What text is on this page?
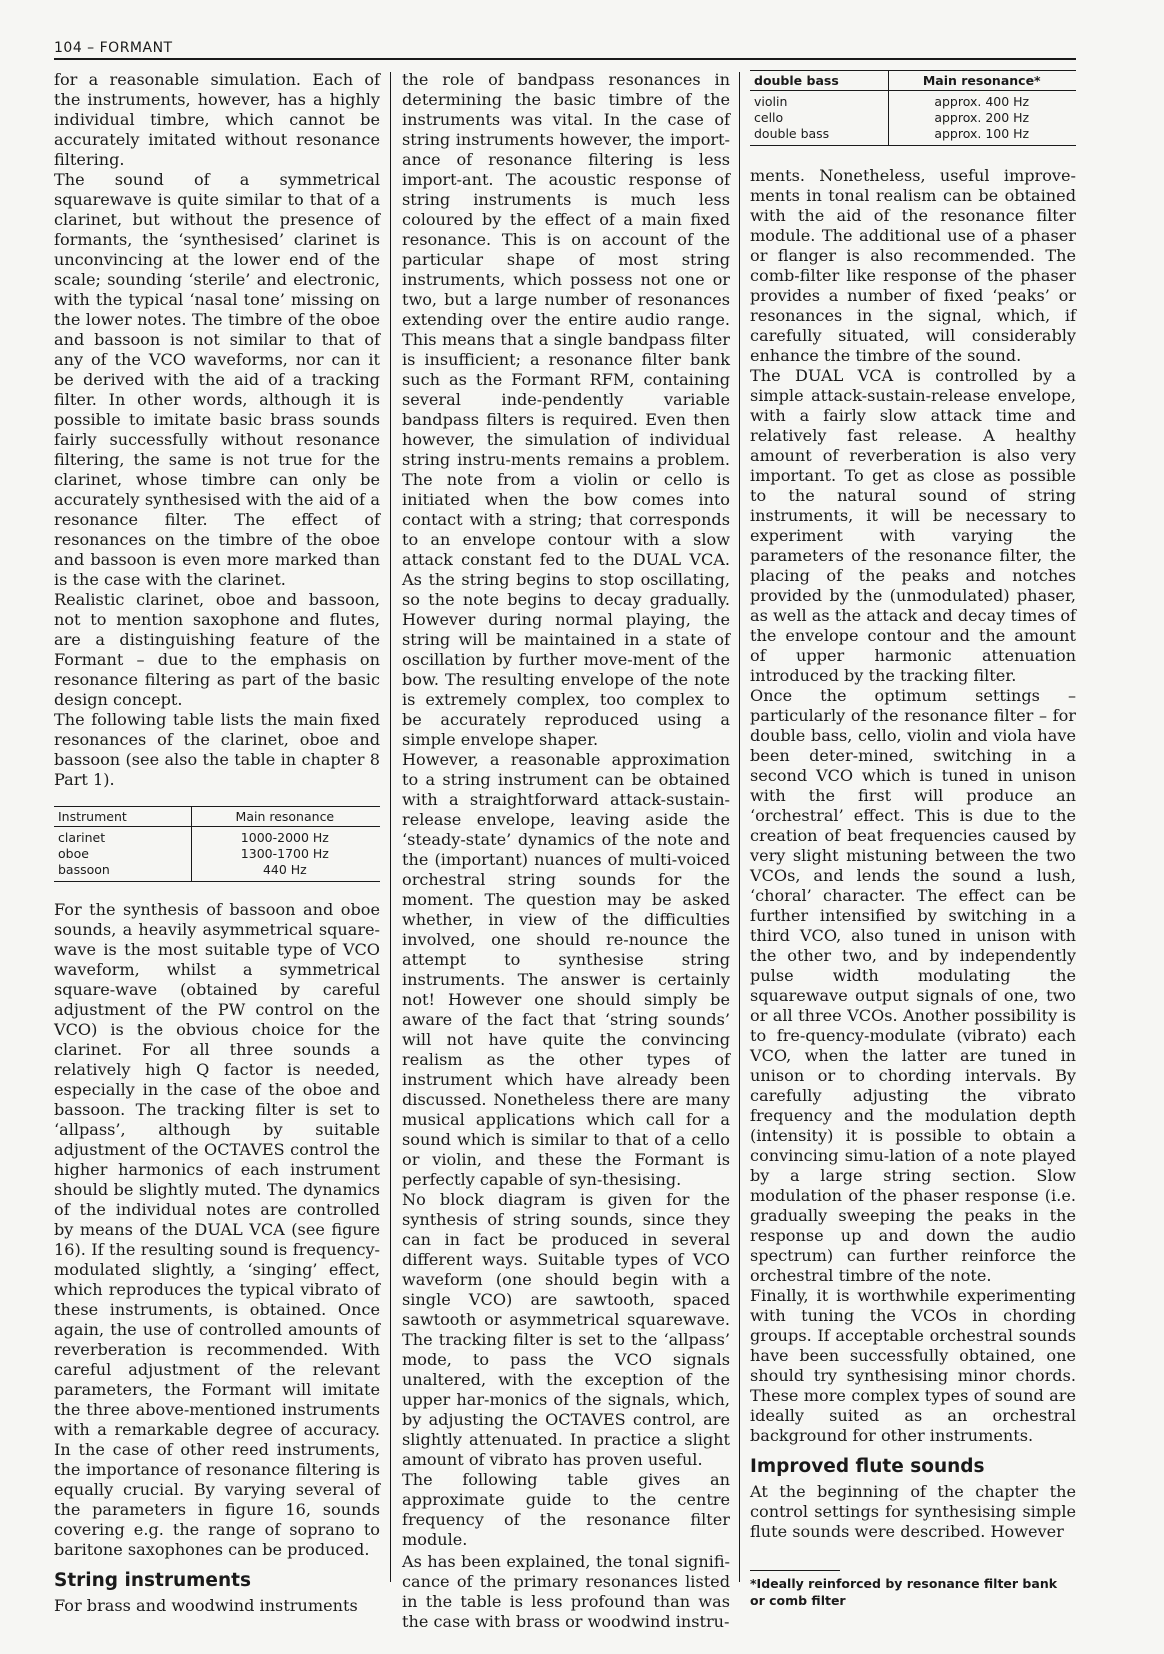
104 – FORMANT

for a reasonable simulation. Each of the instruments, however, has a highly individual timbre, which cannot be accurately imitated without resonance filtering.

The sound of a symmetrical squarewave is quite similar to that of a clarinet, but without the presence of formants, the ‘synthesised’ clarinet is unconvincing at the lower end of the scale; sounding ‘sterile’ and electronic, with the typical ‘nasal tone’ missing on the lower notes. The timbre of the oboe and bassoon is not similar to that of any of the VCO waveforms, nor can it be derived with the aid of a tracking filter. In other words, although it is possible to imitate basic brass sounds fairly successfully without resonance filtering, the same is not true for the clarinet, whose timbre can only be accurately synthesised with the aid of a resonance filter. The effect of resonances on the timbre of the oboe and bassoon is even more marked than is the case with the clarinet.

Realistic clarinet, oboe and bassoon, not to mention saxophone and flutes, are a distinguishing feature of the Formant – due to the emphasis on resonance filtering as part of the basic design concept.

The following table lists the main fixed resonances of the clarinet, oboe and bassoon (see also the table in chapter 8 Part 1).

Instrument	Main resonance
clarinet	1000-2000 Hz
oboe	1300-1700 Hz
bassoon	440 Hz

For the synthesis of bassoon and oboe sounds, a heavily asymmetrical square-wave is the most suitable type of VCO waveform, whilst a symmetrical square-wave (obtained by careful adjustment of the PW control on the VCO) is the obvious choice for the clarinet. For all three sounds a relatively high Q factor is needed, especially in the case of the oboe and bassoon. The tracking filter is set to ‘allpass’, although by suitable adjustment of the OCTAVES control the higher harmonics of each instrument should be slightly muted. The dynamics of the individual notes are controlled by means of the DUAL VCA (see figure 16). If the resulting sound is frequency-modulated slightly, a ‘singing’ effect, which reproduces the typical vibrato of these instruments, is obtained. Once again, the use of controlled amounts of reverberation is recommended. With careful adjustment of the relevant parameters, the Formant will imitate the three above-mentioned instruments with a remarkable degree of accuracy. In the case of other reed instruments, the importance of resonance filtering is equally crucial. By varying several of the parameters in figure 16, sounds covering e.g. the range of soprano to baritone saxophones can be produced.

String instruments

For brass and woodwind instruments

the role of bandpass resonances in determining the basic timbre of the instruments was vital. In the case of string instruments however, the import-ance of resonance filtering is less import-ant. The acoustic response of string instruments is much less coloured by the effect of a main fixed resonance. This is on account of the particular shape of most string instruments, which possess not one or two, but a large number of resonances extending over the entire audio range. This means that a single bandpass filter is insufficient; a resonance filter bank such as the Formant RFM, containing several inde-pendently variable bandpass filters is required. Even then however, the simulation of individual string instru-ments remains a problem. The note from a violin or cello is initiated when the bow comes into contact with a string; that corresponds to an envelope contour with a slow attack constant fed to the DUAL VCA. As the string begins to stop oscillating, so the note begins to decay gradually. However during normal playing, the string will be maintained in a state of oscillation by further move-ment of the bow. The resulting envelope of the note is extremely complex, too complex to be accurately reproduced using a simple envelope shaper.

However, a reasonable approximation to a string instrument can be obtained with a straightforward attack-sustain-release envelope, leaving aside the ‘steady-state’ dynamics of the note and the (important) nuances of multi-voiced orchestral string sounds for the moment. The question may be asked whether, in view of the difficulties involved, one should re-nounce the attempt to synthesise string instruments. The answer is certainly not! However one should simply be aware of the fact that ‘string sounds’ will not have quite the convincing realism as the other types of instrument which have already been discussed. Nonetheless there are many musical applications which call for a sound which is similar to that of a cello or violin, and these the Formant is perfectly capable of syn-thesising.

No block diagram is given for the synthesis of string sounds, since they can in fact be produced in several different ways. Suitable types of VCO waveform (one should begin with a single VCO) are sawtooth, spaced sawtooth or asymmetrical squarewave. The tracking filter is set to the ‘allpass’ mode, to pass the VCO signals unaltered, with the exception of the upper har-monics of the signals, which, by adjusting the OCTAVES control, are slightly attenuated. In practice a slight amount of vibrato has proven useful.

The following table gives an approximate guide to the centre frequency of the resonance filter module.

As has been explained, the tonal signifi-cance of the primary resonances listed in the table is less profound than was the case with brass or woodwind instru-

double bass	Main resonance*
violin	approx. 400 Hz
cello	approx. 200 Hz
double bass	approx. 100 Hz

ments. Nonetheless, useful improve-ments in tonal realism can be obtained with the aid of the resonance filter module. The additional use of a phaser or flanger is also recommended. The comb-filter like response of the phaser provides a number of fixed ‘peaks’ or resonances in the signal, which, if carefully situated, will considerably enhance the timbre of the sound.

The DUAL VCA is controlled by a simple attack-sustain-release envelope, with a fairly slow attack time and relatively fast release. A healthy amount of reverberation is also very important. To get as close as possible to the natural sound of string instruments, it will be necessary to experiment with varying the parameters of the resonance filter, the placing of the peaks and notches provided by the (unmodulated) phaser, as well as the attack and decay times of the envelope contour and the amount of upper harmonic attenuation introduced by the tracking filter.

Once the optimum settings – particularly of the resonance filter – for double bass, cello, violin and viola have been deter-mined, switching in a second VCO which is tuned in unison with the first will produce an ‘orchestral’ effect. This is due to the creation of beat frequencies caused by very slight mistuning between the two VCOs, and lends the sound a lush, ‘choral’ character. The effect can be further intensified by switching in a third VCO, also tuned in unison with the other two, and by independently pulse width modulating the squarewave output signals of one, two or all three VCOs. Another possibility is to fre-quency-modulate (vibrato) each VCO, when the latter are tuned in unison or to chording intervals. By carefully adjusting the vibrato frequency and the modulation depth (intensity) it is possible to obtain a convincing simu-lation of a note played by a large string section. Slow modulation of the phaser response (i.e. gradually sweeping the peaks in the response up and down the audio spectrum) can further reinforce the orchestral timbre of the note.

Finally, it is worthwhile experimenting with tuning the VCOs in chording groups. If acceptable orchestral sounds have been successfully obtained, one should try synthesising minor chords. These more complex types of sound are ideally suited as an orchestral background for other instruments.

Improved flute sounds

At the beginning of the chapter the control settings for synthesising simple flute sounds were described. However

*Ideally reinforced by resonance filter bank or comb filter
